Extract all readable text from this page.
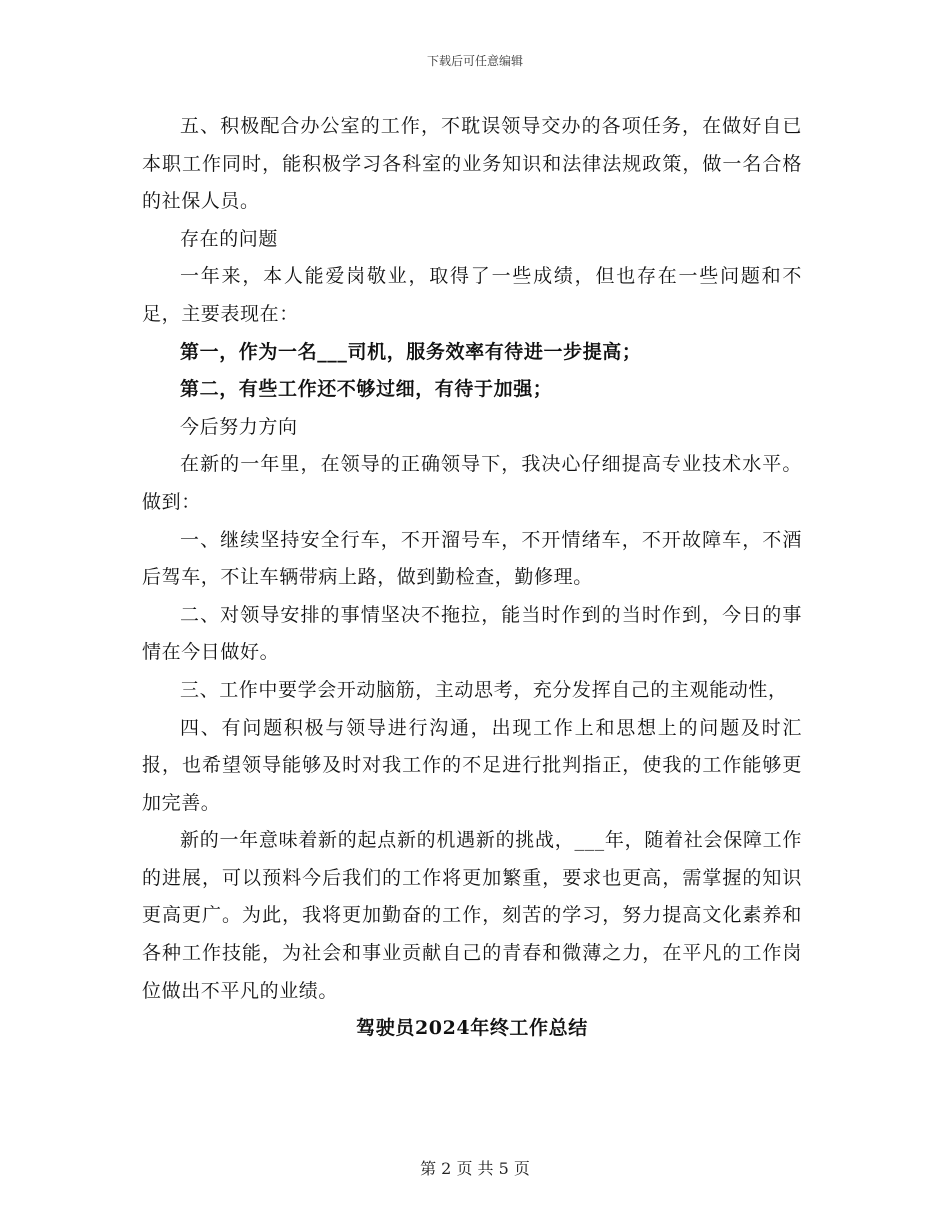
下载后可任意编辑

五、积极配合办公室的工作，不耽误领导交办的各项任务，在做好自已本职工作同时，能积极学习各科室的业务知识和法律法规政策，做一名合格的社保人员。

存在的问题

一年来，本人能爱岗敬业，取得了一些成绩，但也存在一些问题和不足，主要表现在：

第一，作为一名___司机，服务效率有待进一步提高；

第二，有些工作还不够过细，有待于加强；

今后努力方向

在新的一年里，在领导的正确领导下，我决心仔细提高专业技术水平。做到：

一、继续坚持安全行车，不开溜号车，不开情绪车，不开故障车，不酒后驾车，不让车辆带病上路，做到勤检查，勤修理。

二、对领导安排的事情坚决不拖拉，能当时作到的当时作到，今日的事情在今日做好。

三、工作中要学会开动脑筋，主动思考，充分发挥自己的主观能动性，

四、有问题积极与领导进行沟通，出现工作上和思想上的问题及时汇报，也希望领导能够及时对我工作的不足进行批判指正，使我的工作能够更加完善。

新的一年意味着新的起点新的机遇新的挑战，___年，随着社会保障工作的进展，可以预料今后我们的工作将更加繁重，要求也更高，需掌握的知识更高更广。为此，我将更加勤奋的工作，刻苦的学习，努力提高文化素养和各种工作技能，为社会和事业贡献自己的青春和微薄之力，在平凡的工作岗位做出不平凡的业绩。

驾驶员2024年终工作总结

第 2 页 共 5 页
